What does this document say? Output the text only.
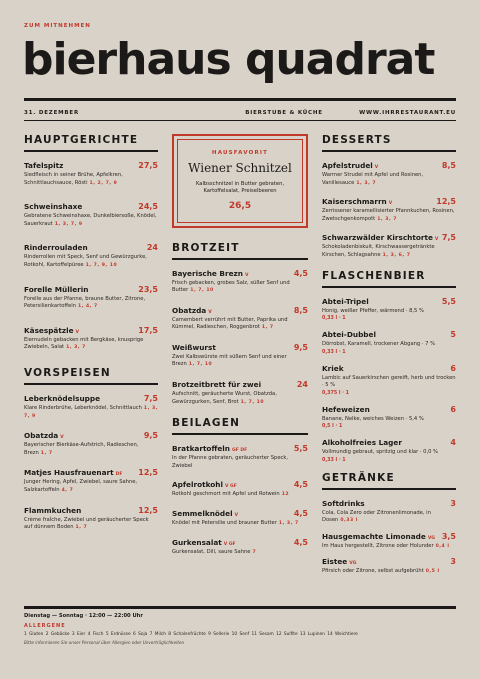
ZUM MITNEHMEN
bierhaus quadrat
31. DEZEMBER	BIERSTUBE & KÜCHE	WWW.IHRRESTAURANT.EU
HAUPTGERICHTE
Tafelspitz	27,5
Siedfleisch in seiner Brühe, Apfelkren, Schnittlauchsauce, Rösti 1, 2, 7, 9
Schweinshaxe	24,5
Gebratene Schweinshaxe, Dunkelbiersoße, Knödel, Sauerkraut 1, 3, 7, 9
Rinderrouladen	24
Rinderrollen mit Speck, Senf und Gewürzgurke, Rotkohl, Kartoffelpüree 1, 7, 9, 10
Forelle Müllerin	23,5
Forelle aus der Pfanne, braune Butter, Zitrone, Petersilienkartoffeln 1, 4, 7
Käsespätzle V	17,5
Eiernudeln gebacken mit Bergkäse, knusprige Zwiebeln, Salat 1, 3, 7
VORSPEISEN
Leberknödelsuppe	7,5
Klare Rinderbrühe, Leberknödel, Schnittlauch 1, 3, 7, 9
Obatzda V	9,5
Bayerischer Bierkäse-Aufstrich, Radieschen, Brezn 1, 7
Matjes Hausfrauenart DF 12,5
Junger Hering, Apfel, Zwiebel, saure Sahne, Salzkartoffeln 4, 7
Flammkuchen	12,5
Crème fraîche, Zwiebel und geräucherter Speck auf dünnem Boden 1, 7
HAUSFAVORIT
Wiener Schnitzel
Kalbsschnitzel in Butter gebraten, Kartoffelsalat, Preiselbeeren
26,5
BROTZEIT
Bayerische Brezn V	4,5
Frisch gebacken, grobes Salz, süßer Senf und Butter 1, 7, 10
Obatzda V	8,5
Camembert verrührt mit Butter, Paprika und Kümmel, Radieschen, Roggenbrot 1, 7
Weißwurst	9,5
Zwei Kalbswürste mit süßem Senf und einer Brezn 1, 7, 10
Brotzeitbrett für zwei	24
Aufschnitt, geräucherte Wurst, Obatzda, Gewürzgurken, Senf, Brot 1, 7, 10
BEILAGEN
Bratkartoffeln GF DF	5,5
In der Pfanne gebraten, geräucherter Speck, Zwiebel
Apfelrotkohl V GF	4,5
Rotkohl geschmort mit Apfel und Rotwein 12
Semmelknödel V	4,5
Knödel mit Petersilie und brauner Butter 1, 3, 7
Gurkensalat V GF	4,5
Gurkensalat, Dill, saure Sahne 7
DESSERTS
Apfelstrudel V	8,5
Warmer Strudel mit Apfel und Rosinen, Vanillesauce 1, 3, 7
Kaiserschmarrn V	12,5
Zerrissener karamellisierter Pfannkuchen, Rosinen, Zwetschgenkompott 1, 3, 7
Schwarzwälder Kirschtorte V 7,5
Schokoladenbiskuit, Kirschwassergetränkte Kirschen, Schlagsahne 1, 3, 6, 7
FLASCHENBIER
Abtei-Tripel	5,5
Honig, weißer Pfeffer, wärmend · 8,5 %
0,33 l · 1
Abtei-Dubbel	5
Dörrobst, Karamell, trockener Abgang · 7 %
0,33 l · 1
Kriek	6
Lambic auf Sauerkirschen gereift, herb und trocken · 5 %
0,375 l · 1
Hefeweizen	6
Banane, Nelke, weiches Weizen · 5,4 %
0,5 l · 1
Alkoholfreies Lager	4
Vollmundig gebraut, spritzig und klar · 0,0 %
0,33 l · 1
GETRÄNKE
Softdrinks	3
Cola, Cola Zero oder Zitronenlimonade, in Dosen 0,33 l
Hausgemachte Limonade VG 3,5
Im Haus hergestellt, Zitrone oder Holunder 0,4 l
Eistee VG	3
Pfirsich oder Zitrone, selbst aufgebrüht 0,5 l
Dienstag — Sonntag · 12:00 — 22:00 Uhr
ALLERGENE
1 Gluten 2 Gebäcke 3 Eier 4 Fisch 5 Erdnüsse 6 Soja 7 Milch 8 Schalenfrüchte 9 Sellerie 10 Senf 11 Sesam 12 Sulfite 13 Lupinen 14 Weichtiere
Bitte informieren Sie unser Personal über Allergien oder Unverträglichkeiten
